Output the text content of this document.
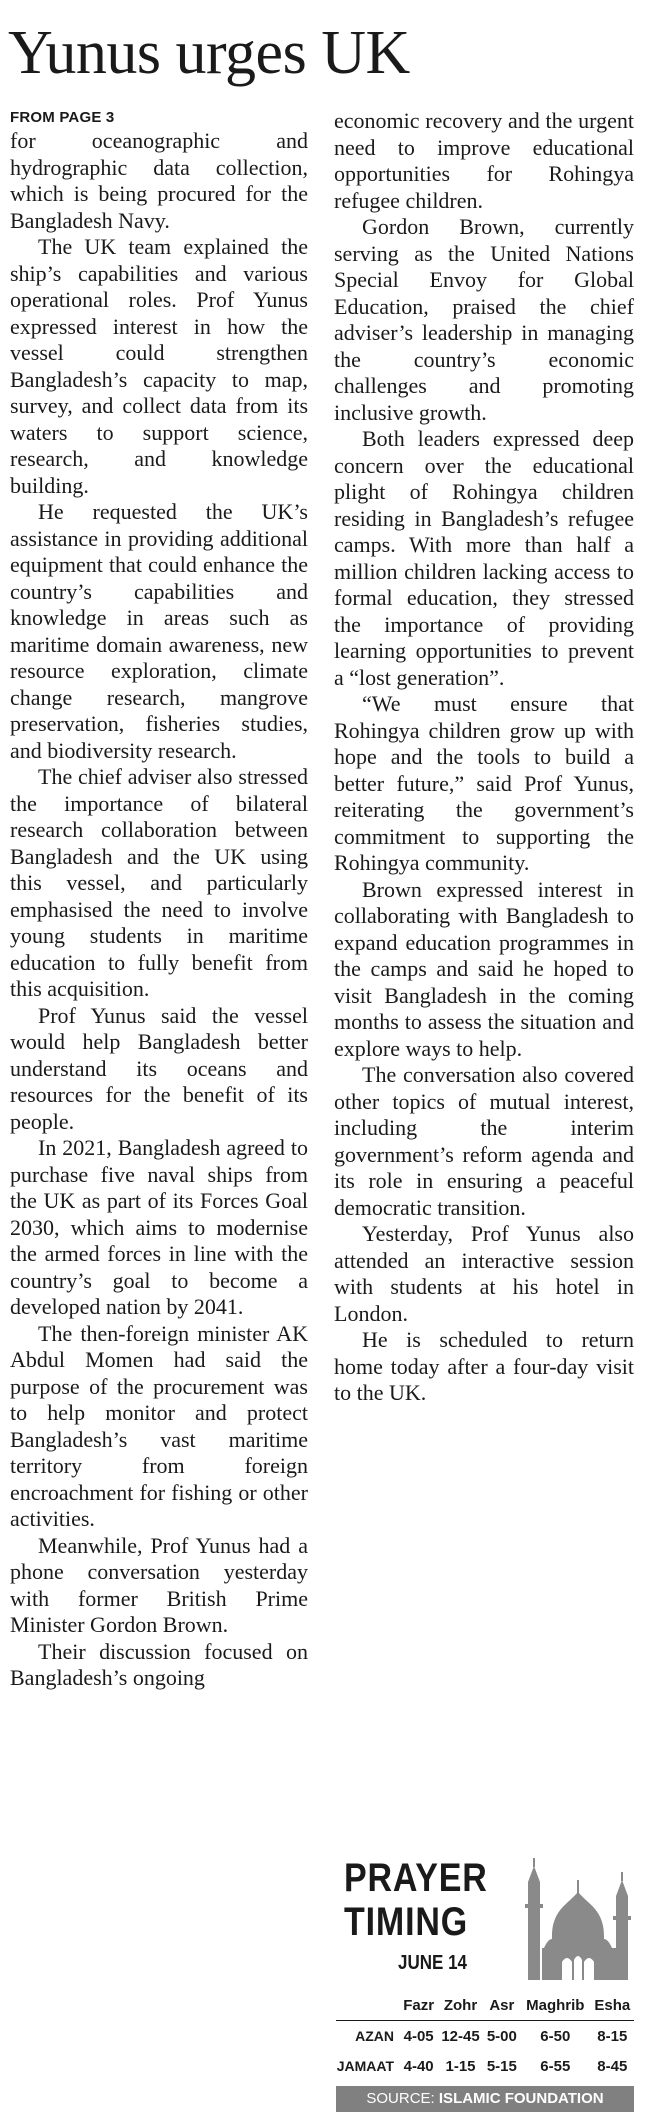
Yunus urges UK
FROM PAGE 3

for oceanographic and hydrographic data collection, which is being procured for the Bangladesh Navy.

The UK team explained the ship’s capabilities and various operational roles. Prof Yunus expressed interest in how the vessel could strengthen Bangladesh’s capacity to map, survey, and collect data from its waters to support science, research, and knowledge building.

He requested the UK’s assistance in providing additional equipment that could enhance the country’s capabilities and knowledge in areas such as maritime domain awareness, new resource exploration, climate change research, mangrove preservation, fisheries studies, and biodiversity research.

The chief adviser also stressed the importance of bilateral research collaboration between Bangladesh and the UK using this vessel, and particularly emphasised the need to involve young students in maritime education to fully benefit from this acquisition.

Prof Yunus said the vessel would help Bangladesh better understand its oceans and resources for the benefit of its people.

In 2021, Bangladesh agreed to purchase five naval ships from the UK as part of its Forces Goal 2030, which aims to modernise the armed forces in line with the country’s goal to become a developed nation by 2041.

The then-foreign minister AK Abdul Momen had said the purpose of the procurement was to help monitor and protect Bangladesh’s vast maritime territory from foreign encroachment for fishing or other activities.

Meanwhile, Prof Yunus had a phone conversation yesterday with former British Prime Minister Gordon Brown.

Their discussion focused on Bangladesh’s ongoing

economic recovery and the urgent need to improve educational opportunities for Rohingya refugee children.

Gordon Brown, currently serving as the United Nations Special Envoy for Global Education, praised the chief adviser’s leadership in managing the country’s economic challenges and promoting inclusive growth.

Both leaders expressed deep concern over the educational plight of Rohingya children residing in Bangladesh’s refugee camps. With more than half a million children lacking access to formal education, they stressed the importance of providing learning opportunities to prevent a “lost generation”.

“We must ensure that Rohingya children grow up with hope and the tools to build a better future,” said Prof Yunus, reiterating the government’s commitment to supporting the Rohingya community.

Brown expressed interest in collaborating with Bangladesh to expand education programmes in the camps and said he hoped to visit Bangladesh in the coming months to assess the situation and explore ways to help.

The conversation also covered other topics of mutual interest, including the interim government’s reform agenda and its role in ensuring a peaceful democratic transition.

Yesterday, Prof Yunus also attended an interactive session with students at his hotel in London.

He is scheduled to return home today after a four-day visit to the UK.

PRAYER
TIMING
JUNE 14
	Fazr	Zohr	Asr	Maghrib	Esha
AZAN	4-05	12-45	5-00	6-50	8-15
JAMAAT	4-40	1-15	5-15	6-55	8-45
SOURCE: ISLAMIC FOUNDATION
